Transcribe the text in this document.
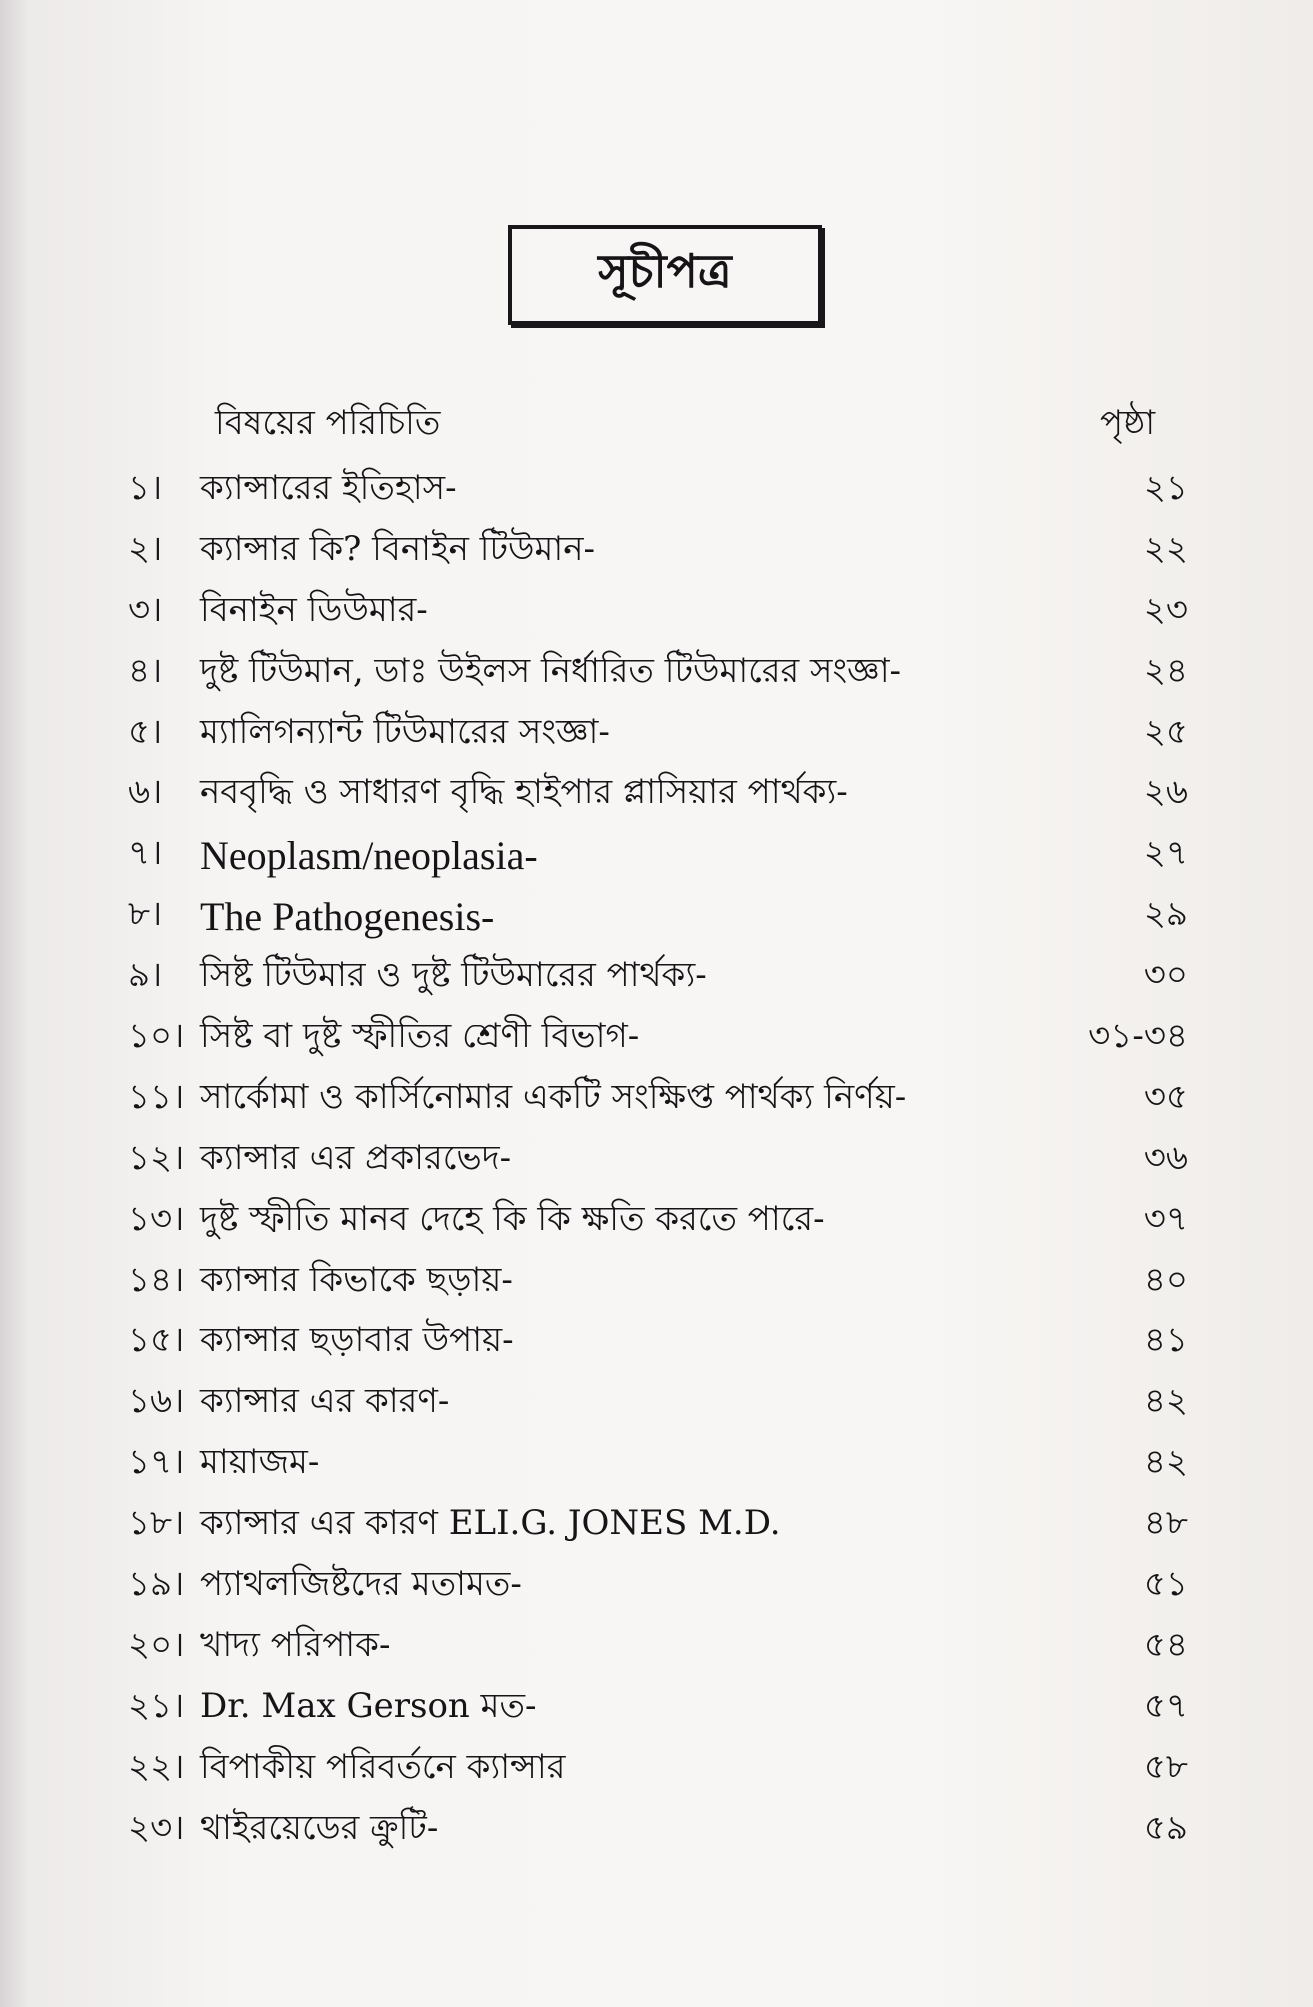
সূচীপত্র
বিষয়ের পরিচিতি	পৃষ্ঠা
১।	ক্যান্সারের ইতিহাস-	২১
২।	ক্যান্সার কি? বিনাইন টিউমান-	২২
৩।	বিনাইন ডিউমার-	২৩
৪।	দুষ্ট টিউমান, ডাঃ উইলস নির্ধারিত টিউমারের সংজ্ঞা-	২৪
৫।	ম্যালিগন্যান্ট টিউমারের সংজ্ঞা-	২৫
৬।	নববৃদ্ধি ও সাধারণ বৃদ্ধি হাইপার প্লাসিয়ার পার্থক্য-	২৬
৭। Neoplasm/neoplasia-	২৭
৮। The Pathogenesis-	২৯
৯।	সিষ্ট টিউমার ও দুষ্ট টিউমারের পার্থক্য-	৩০
১০। সিষ্ট বা দুষ্ট স্ফীতির শ্রেণী বিভাগ-	৩১-৩৪
১১। সার্কোমা ও কার্সিনোমার একটি সংক্ষিপ্ত পার্থক্য নির্ণয়-	৩৫
১২। ক্যান্সার এর প্রকারভেদ-	৩৬
১৩। দুষ্ট স্ফীতি মানব দেহে কি কি ক্ষতি করতে পারে-	৩৭
১৪। ক্যান্সার কিভাকে ছড়ায়-	৪০
১৫। ক্যান্সার ছড়াবার উপায়-	৪১
১৬। ক্যান্সার এর কারণ-	৪২
১৭। মায়াজম-	৪২
১৮। ক্যান্সার এর কারণ ELI.G. JONES M.D.	৪৮
১৯। প্যাথলজিষ্টদের মতামত-	৫১
২০। খাদ্য পরিপাক-	৫৪
২১। Dr. Max Gerson মত-	৫৭
২২। বিপাকীয় পরিবর্তনে ক্যান্সার	৫৮
২৩। থাইরয়েডের ক্রুটি-	৫৯
